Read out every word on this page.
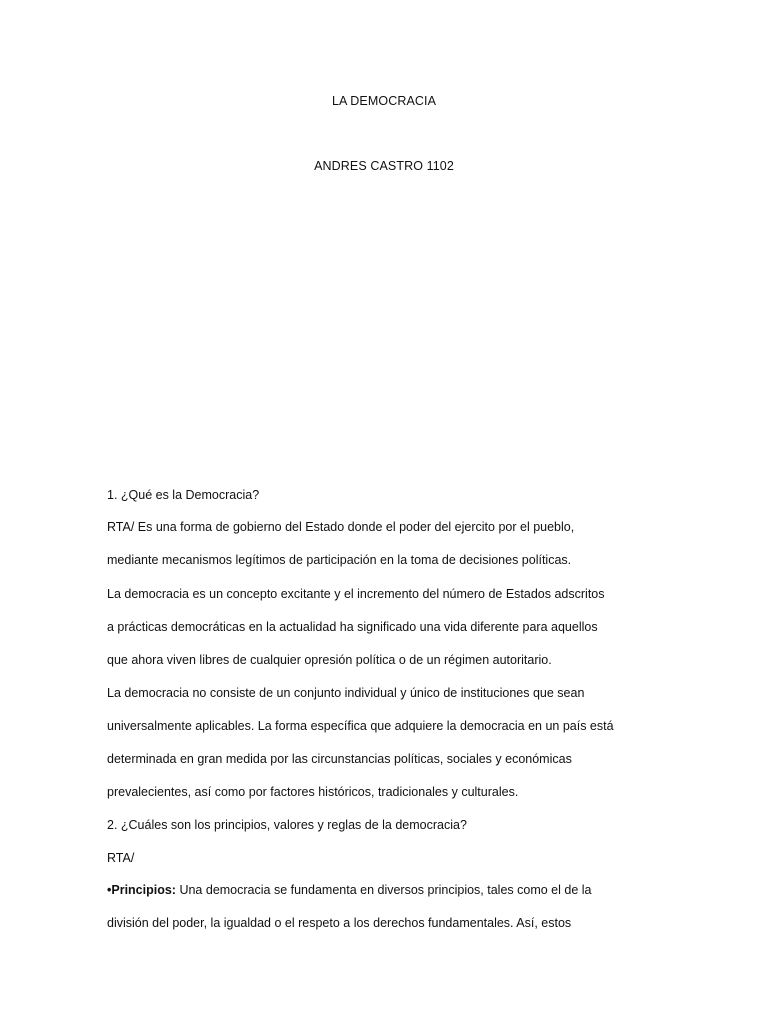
LA DEMOCRACIA
ANDRES CASTRO 1102
1. ¿Qué es la Democracia?
RTA/ Es una forma de gobierno del Estado donde el poder del ejercito por el pueblo,
mediante mecanismos legítimos de participación en la toma de decisiones políticas.
La democracia es un concepto excitante y el incremento del número de Estados adscritos
a prácticas democráticas en la actualidad ha significado una vida diferente para aquellos
que ahora viven libres de cualquier opresión política o de un régimen autoritario.
La democracia no consiste de un conjunto individual y único de instituciones que sean
universalmente aplicables. La forma específica que adquiere la democracia en un país está
determinada en gran medida por las circunstancias políticas, sociales y económicas
prevalecientes, así como por factores históricos, tradicionales y culturales.
2. ¿Cuáles son los principios, valores y reglas de la democracia?
RTA/
•Principios: Una democracia se fundamenta en diversos principios, tales como el de la
división del poder, la igualdad o el respeto a los derechos fundamentales. Así, estos
